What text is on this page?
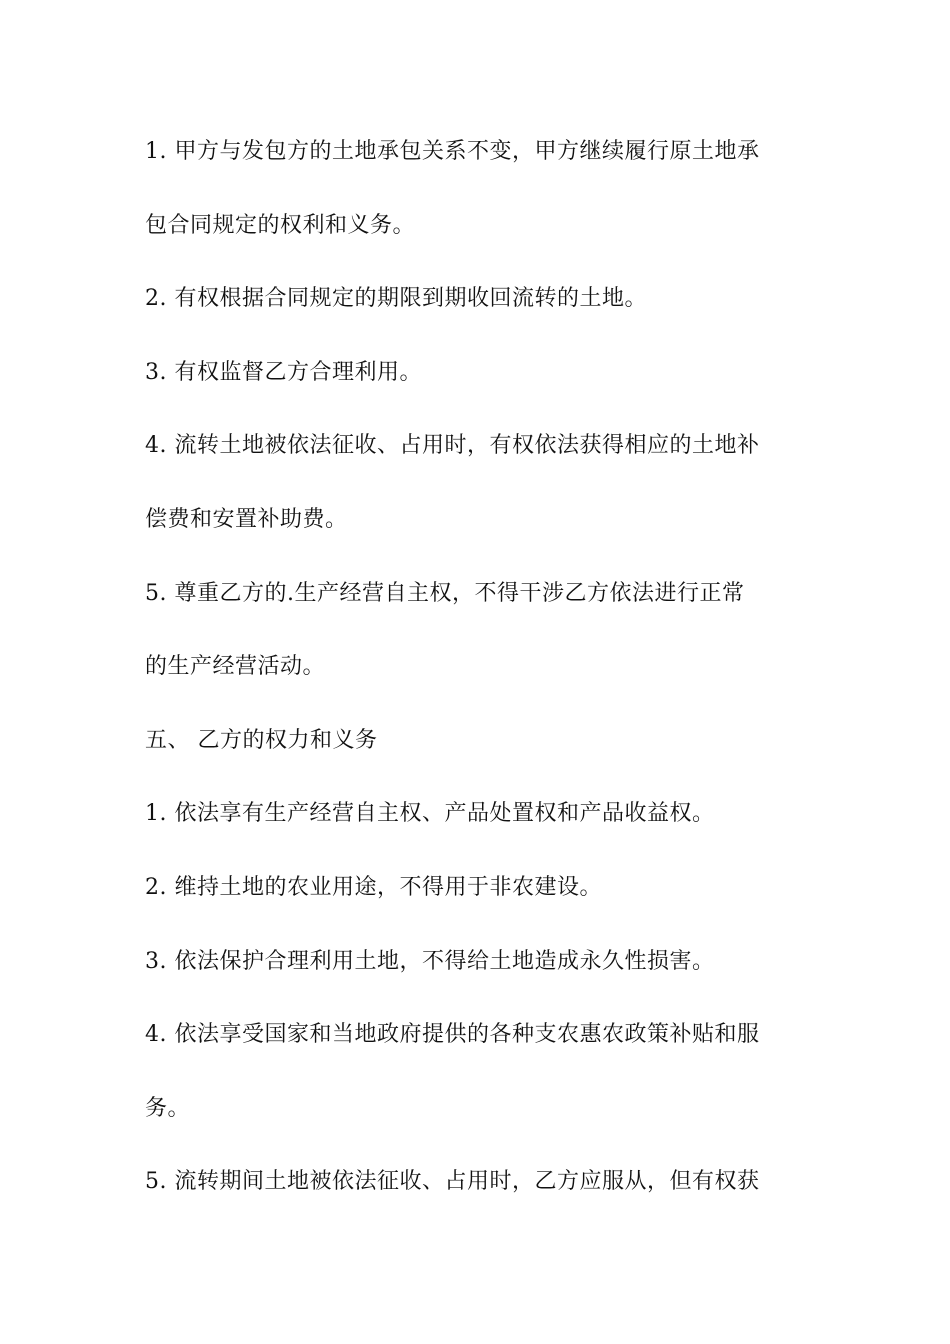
1. 甲方与发包方的土地承包关系不变，甲方继续履行原土地承
包合同规定的权利和义务。
2. 有权根据合同规定的期限到期收回流转的土地。
3. 有权监督乙方合理利用。
4. 流转土地被依法征收、占用时，有权依法获得相应的土地补
偿费和安置补助费。
5. 尊重乙方的.生产经营自主权，不得干涉乙方依法进行正常
的生产经营活动。
五、 乙方的权力和义务
1. 依法享有生产经营自主权、产品处置权和产品收益权。
2. 维持土地的农业用途，不得用于非农建设。
3. 依法保护合理利用土地，不得给土地造成永久性损害。
4. 依法享受国家和当地政府提供的各种支农惠农政策补贴和服
务。
5. 流转期间土地被依法征收、占用时，乙方应服从，但有权获
